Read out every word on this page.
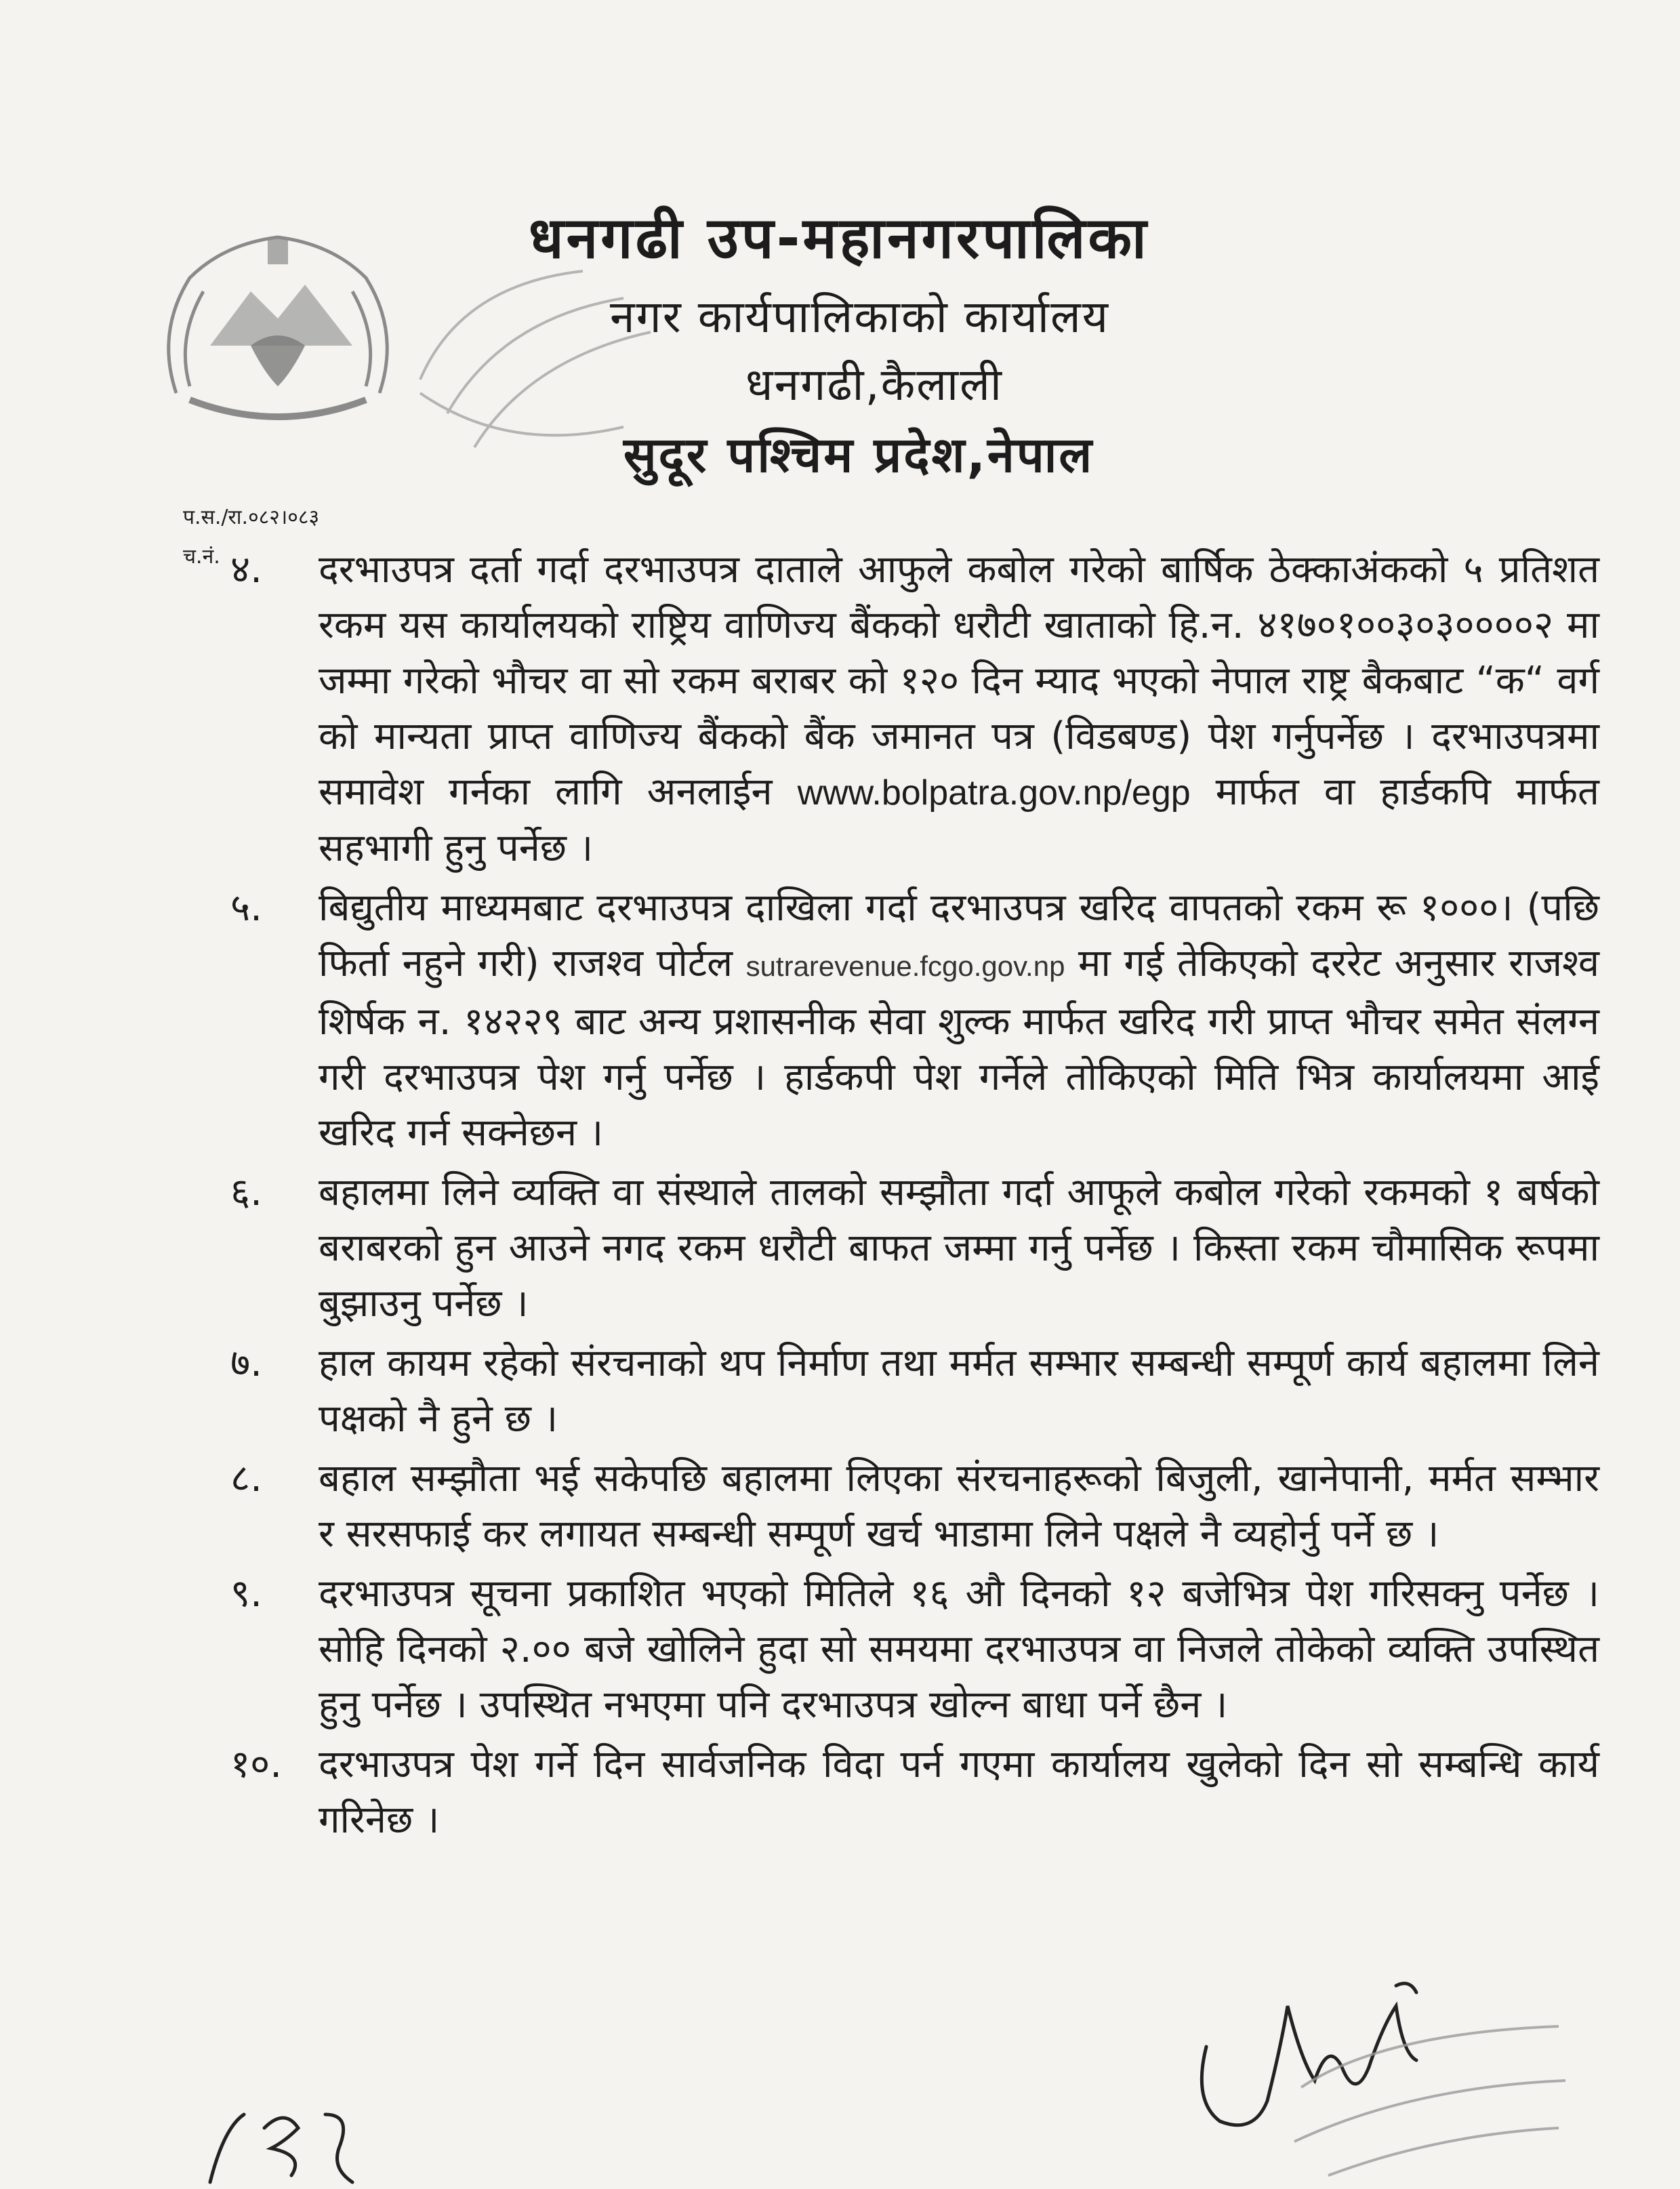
धनगढी उप-महानगरपालिका
नगर कार्यपालिकाको कार्यालय
धनगढी,कैलाली
सुदूर पश्चिम प्रदेश,नेपाल
प.स./रा.०८२।०८३
च.नं. ४. दरभाउपत्र दर्ता गर्दा दरभाउपत्र दाताले आफुले कबोल गरेको बार्षिक ठेक्काअंकको ५ प्रतिशत रकम यस कार्यालयको राष्ट्रिय वाणिज्य बैंकको धरौटी खाताको हि.न. ४१७०१००३०३००००२ मा जम्मा गरेको भौचर वा सो रकम बराबर को १२० दिन म्याद भएको नेपाल राष्ट्र बैकबाट “क“ वर्ग को मान्यता प्राप्त वाणिज्य बैंकको बैंक जमानत पत्र (विडबण्ड) पेश गर्नुपर्नेछ । दरभाउपत्रमा समावेश गर्नका लागि अनलाईन www.bolpatra.gov.np/egp मार्फत वा हार्डकपि मार्फत सहभागी हुनु पर्नेछ ।
५. बिद्युतीय माध्यमबाट दरभाउपत्र दाखिला गर्दा दरभाउपत्र खरिद वापतको रकम रू १०००। (पछि फिर्ता नहुने गरी) राजश्व पोर्टल sutrarevenue.fcgo.gov.np मा गई तेकिएको दररेट अनुसार राजश्व शिर्षक न. १४२२९ बाट अन्य प्रशासनीक सेवा शुल्क मार्फत खरिद गरी प्राप्त भौचर समेत संलग्न गरी दरभाउपत्र पेश गर्नु पर्नेछ । हार्डकपी पेश गर्नेले तोकिएको मिति भित्र कार्यालयमा आई खरिद गर्न सक्नेछन ।
६. बहालमा लिने व्यक्ति वा संस्थाले तालको सम्झौता गर्दा आफूले कबोल गरेको रकमको १ बर्षको बराबरको हुन आउने नगद रकम धरौटी बाफत जम्मा गर्नु पर्नेछ । किस्ता रकम चौमासिक रूपमा बुझाउनु पर्नेछ ।
७. हाल कायम रहेको संरचनाको थप निर्माण तथा मर्मत सम्भार सम्बन्धी सम्पूर्ण कार्य बहालमा लिने पक्षको नै हुने छ ।
८. बहाल सम्झौता भई सकेपछि बहालमा लिएका संरचनाहरूको बिजुली, खानेपानी, मर्मत सम्भार र सरसफाई कर लगायत सम्बन्धी सम्पूर्ण खर्च भाडामा लिने पक्षले नै व्यहोर्नु पर्ने छ ।
९. दरभाउपत्र सूचना प्रकाशित भएको मितिले १६ औ दिनको १२ बजेभित्र पेश गरिसक्नु पर्नेछ ।सोहि दिनको २.०० बजे खोलिने हुदा सो समयमा दरभाउपत्र वा निजले तोकेको व्यक्ति उपस्थित हुनु पर्नेछ । उपस्थित नभएमा पनि दरभाउपत्र खोल्न बाधा पर्ने छैन ।
१०. दरभाउपत्र पेश गर्ने दिन सार्वजनिक विदा पर्न गएमा कार्यालय खुलेको दिन सो सम्बन्धि कार्य गरिनेछ ।
